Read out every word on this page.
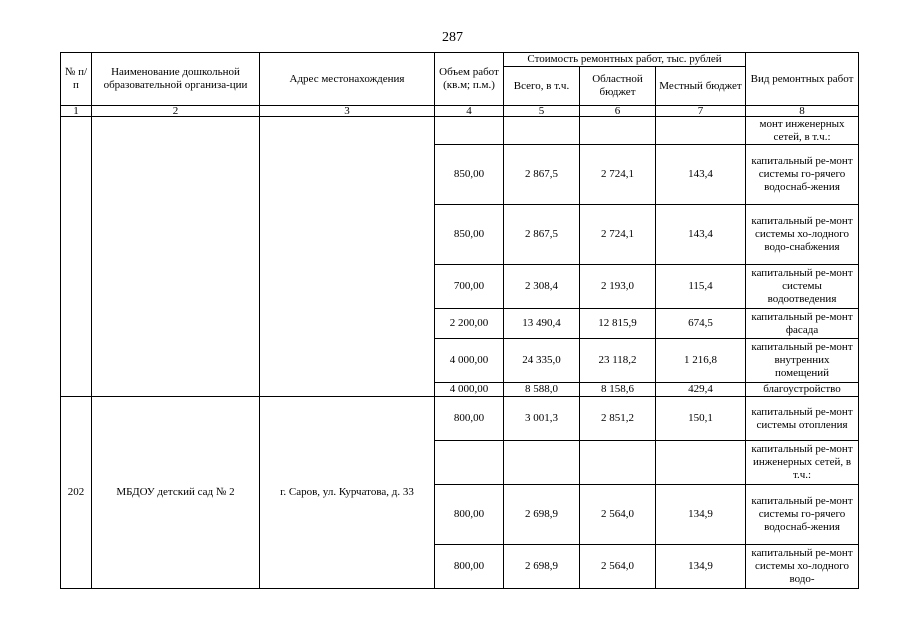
287
№ п/п	Наименование дошкольной образовательной организа-ции	Адрес местонахождения	Объем работ (кв.м; п.м.)	Стоимость ремонтных работ, тыс. рублей			Вид ремонтных работ
				Всего, в т.ч.	Областной бюджет	Местный бюджет	
1	2	3	4	5	6	7	8
							монт инженерных сетей, в т.ч.:
			850,00	2 867,5	2 724,1	143,4	капитальный ре-монт системы го-рячего водоснаб-жения
			850,00	2 867,5	2 724,1	143,4	капитальный ре-монт системы хо-лодного водо-снабжения
			700,00	2 308,4	2 193,0	115,4	капитальный ре-монт системы водоотведения
			2 200,00	13 490,4	12 815,9	674,5	капитальный ре-монт фасада
			4 000,00	24 335,0	23 118,2	1 216,8	капитальный ре-монт внутренних помещений
			4 000,00	8 588,0	8 158,6	429,4	благоустройство
202	МБДОУ детский сад № 2	г. Саров, ул. Курчатова, д. 33	800,00	3 001,3	2 851,2	150,1	капитальный ре-монт системы отопления
							капитальный ре-монт инженерных сетей, в т.ч.:
			800,00	2 698,9	2 564,0	134,9	капитальный ре-монт системы го-рячего водоснаб-жения
			800,00	2 698,9	2 564,0	134,9	капитальный ре-монт системы хо-лодного водо-
